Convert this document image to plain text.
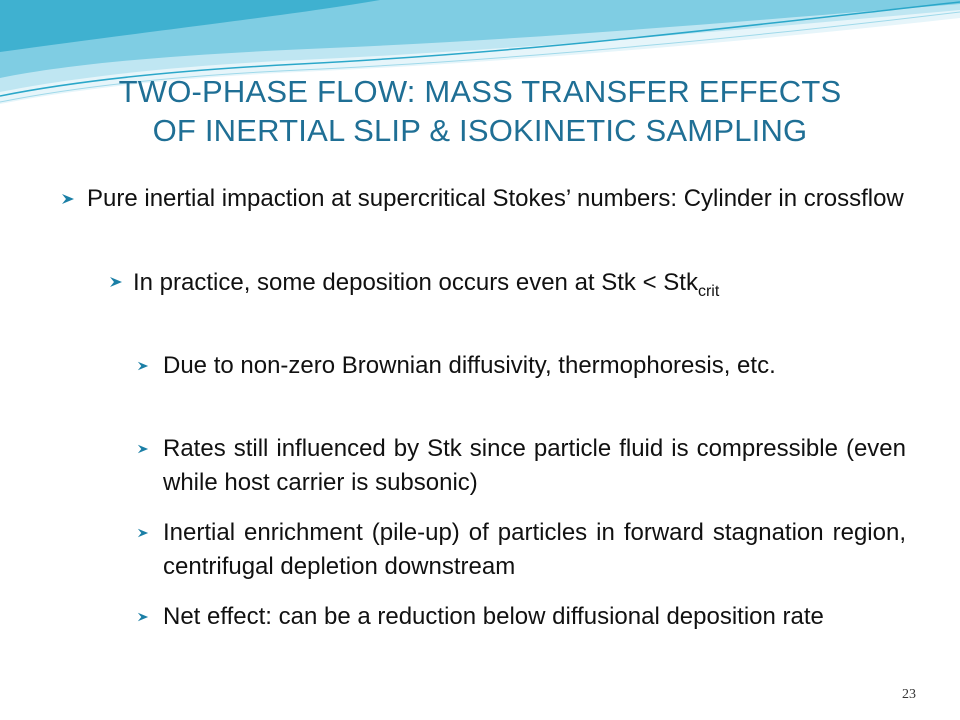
TWO-PHASE FLOW: MASS TRANSFER EFFECTS
OF INERTIAL SLIP & ISOKINETIC SAMPLING
Pure inertial impaction at supercritical Stokes’ numbers: Cylinder in crossflow
In practice, some deposition occurs even at Stk < Stk$_{crit}$
Due to non-zero Brownian diffusivity, thermophoresis, etc.
Rates still influenced by Stk since particle fluid is compressible (even while host carrier is subsonic)
Inertial enrichment (pile-up) of particles in forward stagnation region, centrifugal depletion downstream
Net effect: can be a reduction below diffusional deposition rate
23
